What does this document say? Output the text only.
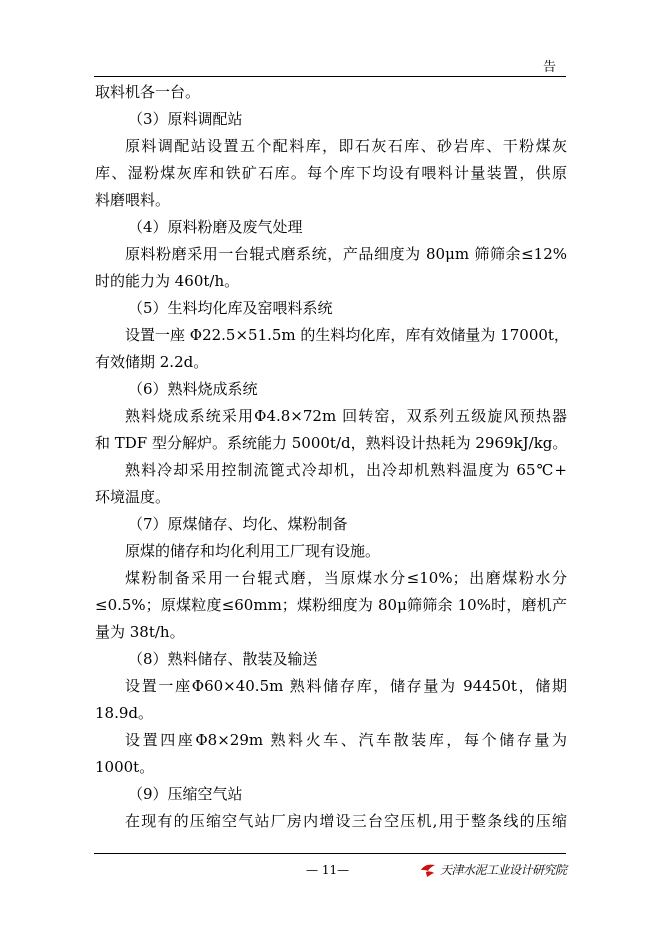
告
取料机各一台。
（3）原料调配站
原料调配站设置五个配料库，即石灰石库、砂岩库、干粉煤灰
库、湿粉煤灰库和铁矿石库。每个库下均设有喂料计量装置，供原
料磨喂料。
（4）原料粉磨及废气处理
原料粉磨采用一台辊式磨系统，产品细度为 80μm 筛筛余≤12%
时的能力为 460t/h。
（5）生料均化库及窑喂料系统
设置一座 Φ22.5×51.5m 的生料均化库，库有效储量为 17000t，
有效储期 2.2d。
（6）熟料烧成系统
熟料烧成系统采用Φ4.8×72m 回转窑，双系列五级旋风预热器
和 TDF 型分解炉。系统能力 5000t/d，熟料设计热耗为 2969kJ/kg。
熟料冷却采用控制流篦式冷却机，出冷却机熟料温度为 65℃+
环境温度。
（7）原煤储存、均化、煤粉制备
原煤的储存和均化利用工厂现有设施。
煤粉制备采用一台辊式磨，当原煤水分≤10%；出磨煤粉水分
≤0.5%；原煤粒度≤60mm；煤粉细度为 80μ筛筛余 10%时，磨机产
量为 38t/h。
（8）熟料储存、散装及输送
设置一座Φ60×40.5m 熟料储存库，储存量为 94450t，储期
18.9d。
设置四座Φ8×29m 熟料火车、汽车散装库，每个储存量为
1000t。
（9）压缩空气站
在现有的压缩空气站厂房内增设三台空压机,用于整条线的压缩
— 11—	天津水泥工业设计研究院
